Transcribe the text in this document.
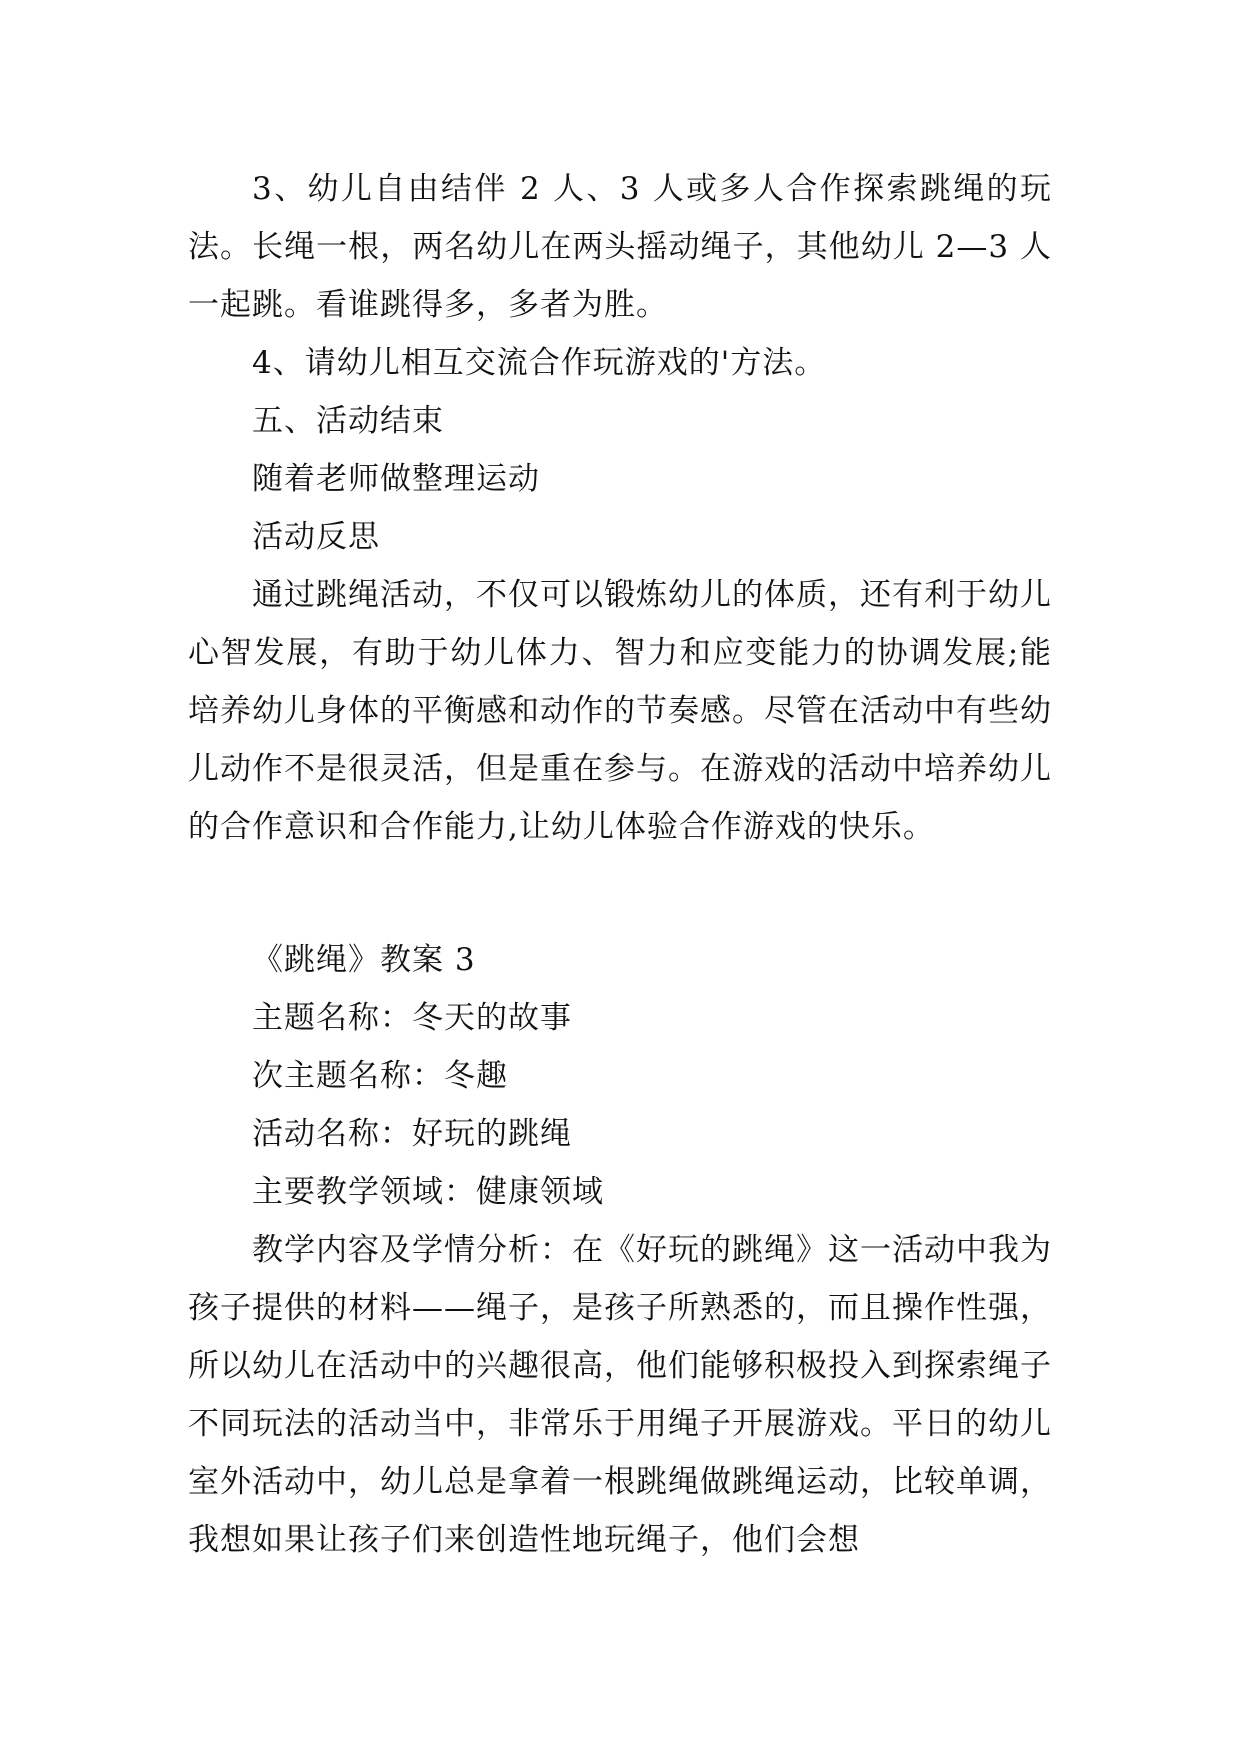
3、幼儿自由结伴 2 人、3 人或多人合作探索跳绳的玩法。长绳一根，两名幼儿在两头摇动绳子，其他幼儿 2—3 人一起跳。看谁跳得多，多者为胜。

4、请幼儿相互交流合作玩游戏的'方法。

五、活动结束

随着老师做整理运动

活动反思

通过跳绳活动，不仅可以锻炼幼儿的体质，还有利于幼儿心智发展，有助于幼儿体力、智力和应变能力的协调发展;能培养幼儿身体的平衡感和动作的节奏感。尽管在活动中有些幼儿动作不是很灵活，但是重在参与。在游戏的活动中培养幼儿的合作意识和合作能力,让幼儿体验合作游戏的快乐。

《跳绳》教案 3

主题名称：冬天的故事

次主题名称：冬趣

活动名称：好玩的跳绳

主要教学领域：健康领域

教学内容及学情分析：在《好玩的跳绳》这一活动中我为孩子提供的材料——绳子，是孩子所熟悉的，而且操作性强，所以幼儿在活动中的兴趣很高，他们能够积极投入到探索绳子不同玩法的活动当中，非常乐于用绳子开展游戏。平日的幼儿室外活动中，幼儿总是拿着一根跳绳做跳绳运动，比较单调，我想如果让孩子们来创造性地玩绳子，他们会想
